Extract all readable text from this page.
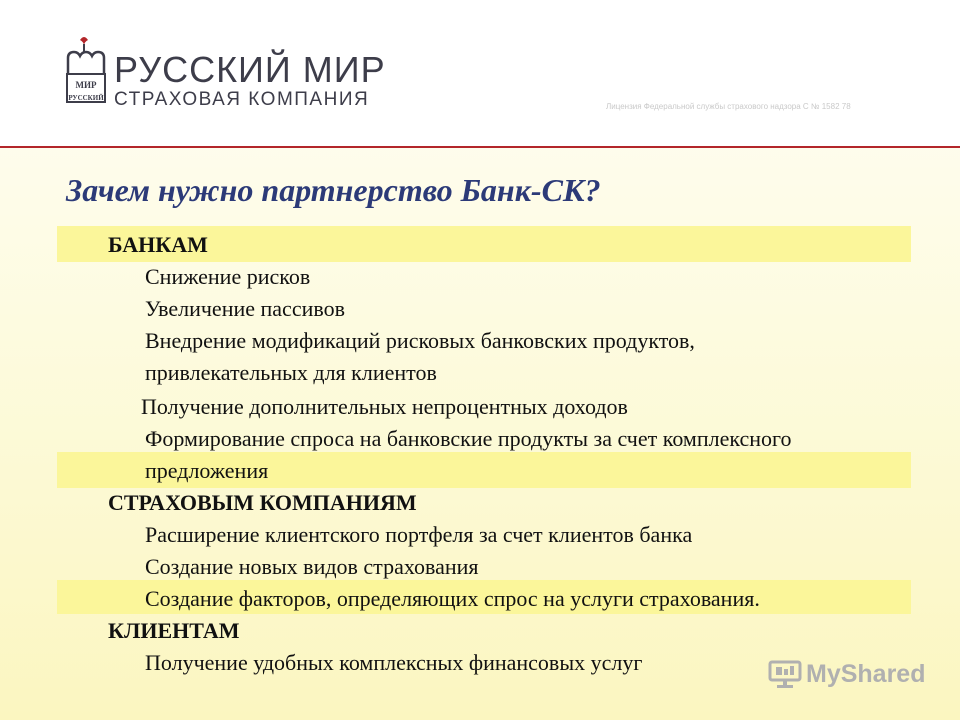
МИР
РУССКИЙ
РУССКИЙ МИР
СТРАХОВАЯ КОМПАНИЯ	Лицензия Федеральной службы страхового надзора С № 1582 78
Зачем нужно партнерство Банк-СК?
БАНКАМ
Снижение рисков
Увеличение пассивов
Внедрение модификаций рисковых банковских продуктов,
привлекательных для клиентов
Получение дополнительных непроцентных доходов
Формирование спроса на банковские продукты за счет комплексного
предложения
СТРАХОВЫМ КОМПАНИЯМ
Расширение клиентского портфеля за счет клиентов банка
Создание новых видов страхования
Создание факторов, определяющих спрос на услуги страхования.
КЛИЕНТАМ
Получение удобных комплексных финансовых услуг	MyShared
